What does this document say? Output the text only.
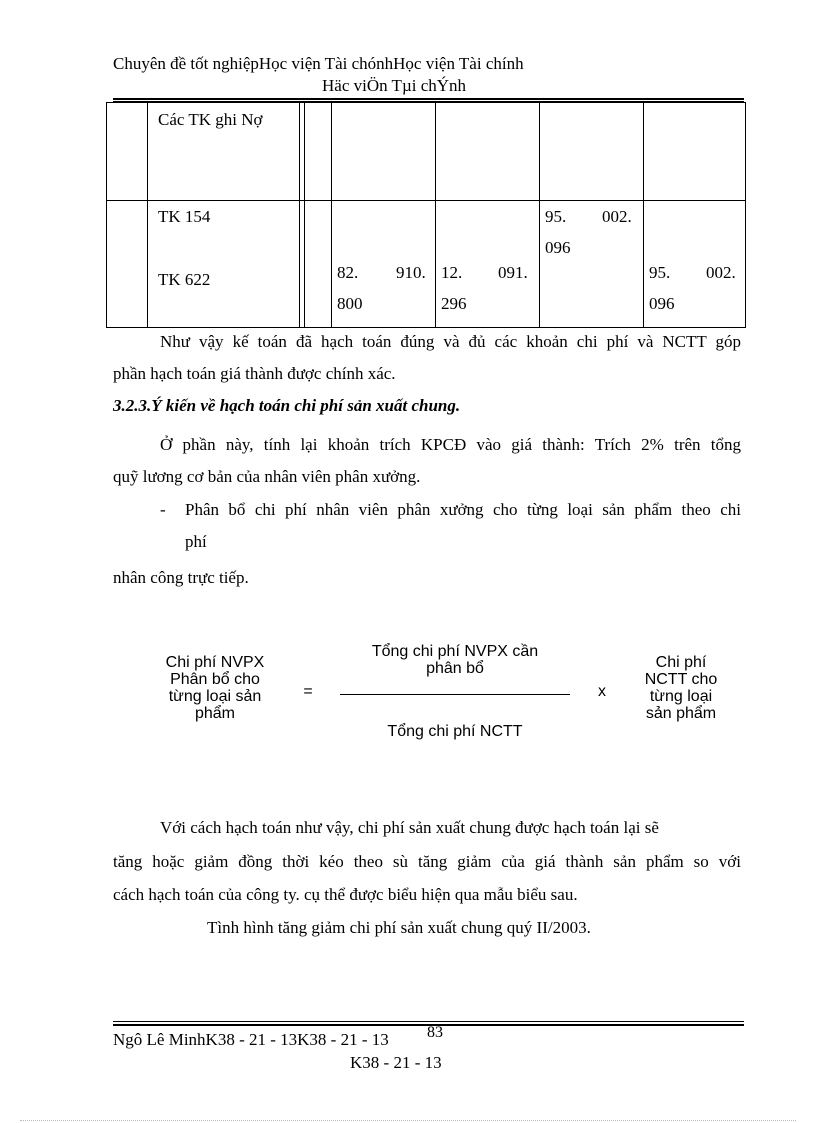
Chuyên đề tốt nghiệpHọc viện Tài chónhHọc viện Tài chính
Häc viÖn Tµi chÝnh
Các TK ghi Nợ
TK 154
TK 622	82. 910.
800
12. 091.
296
95. 002.
096
95. 002.
096
Như vậy kế toán đã hạch toán đúng và đủ các khoản chi phí và NCTT góp
phần hạch toán giá thành được chính xác.
3.2.3.Ý kiến về hạch toán chi phí sản xuất chung.
Ở phần này, tính lại khoản trích KPCĐ vào giá thành: Trích 2% trên tổng
quỹ lương cơ bản của nhân viên phân xưởng.
- Phân bổ chi phí nhân viên phân xưởng cho từng loại sản phẩm theo chi
phí
nhân công trực tiếp.
Chi phí NVPX
Phân bổ cho
từng loại sản
phẩm
=
Tổng chi phí NVPX cần
phân bổ
Tổng chi phí NCTT
x
Chi phí
NCTT cho
từng loại
sản phẩm
Với cách hạch toán như vậy, chi phí sản xuất chung được hạch toán lại sẽ
tăng hoặc giảm đồng thời kéo theo sù tăng giảm của giá thành sản phẩm so với
cách hạch toán của công ty. cụ thể được biểu hiện qua mẫu biểu sau.
Tình hình tăng giảm chi phí sản xuất chung quý II/2003.
Ngô Lê MinhK38 - 21 - 13K38 - 21 - 13 83
K38 - 21 - 13
